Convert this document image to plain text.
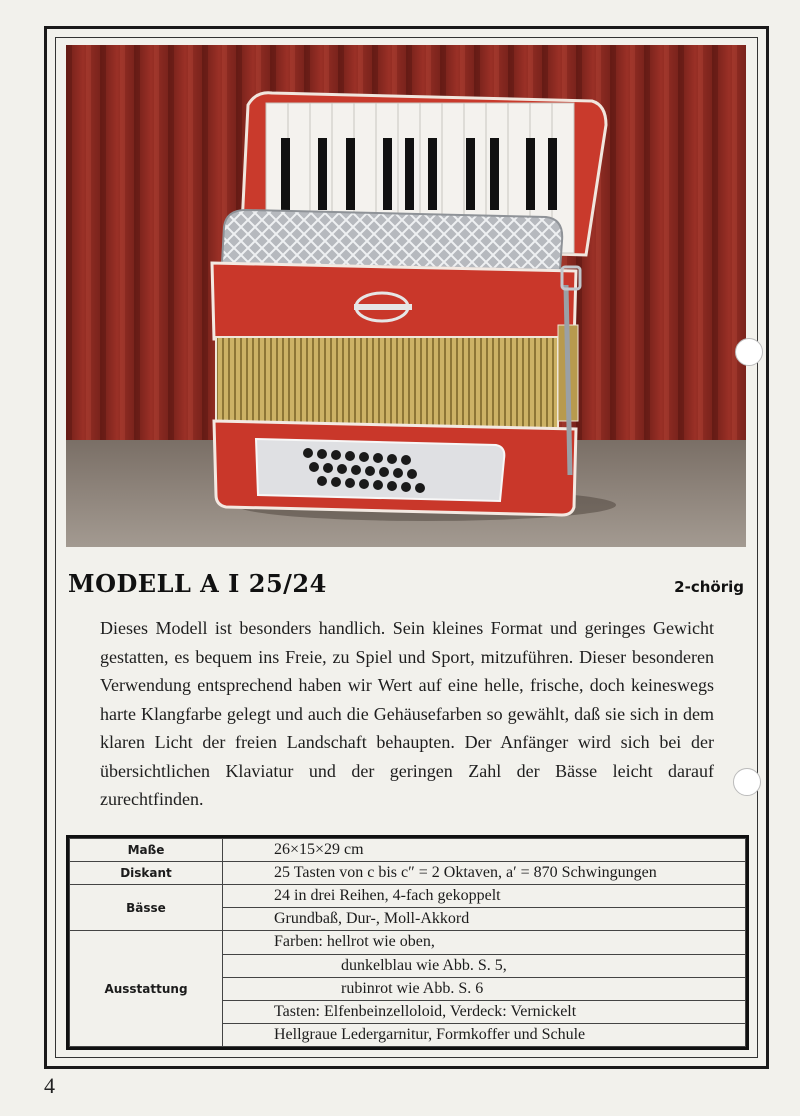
MODELL A I 25/24	2-chörig
Dieses Modell ist besonders handlich. Sein kleines Format und geringes Gewicht gestatten, es bequem ins Freie, zu Spiel und Sport, mitzuführen. Dieser besonderen Verwendung entsprechend haben wir Wert auf eine helle, frische, doch keineswegs harte Klangfarbe gelegt und auch die Gehäusefarben so gewählt, daß sie sich in dem klaren Licht der freien Landschaft behaupten. Der Anfänger wird sich bei der übersichtlichen Klaviatur und der geringen Zahl der Bässe leicht darauf zurechtfinden.
Maße	26×15×29 cm
Diskant	25 Tasten von c bis c″ = 2 Oktaven, a′ = 870 Schwingungen
Bässe	24 in drei Reihen, 4-fach gekoppelt
	Grundbaß, Dur-, Moll-Akkord
Ausstattung	Farben: hellrot wie oben,
	dunkelblau wie Abb. S. 5,
	rubinrot wie Abb. S. 6
	Tasten: Elfenbeinzelloloid, Verdeck: Vernickelt
	Hellgraue Ledergarnitur, Formkoffer und Schule
4
